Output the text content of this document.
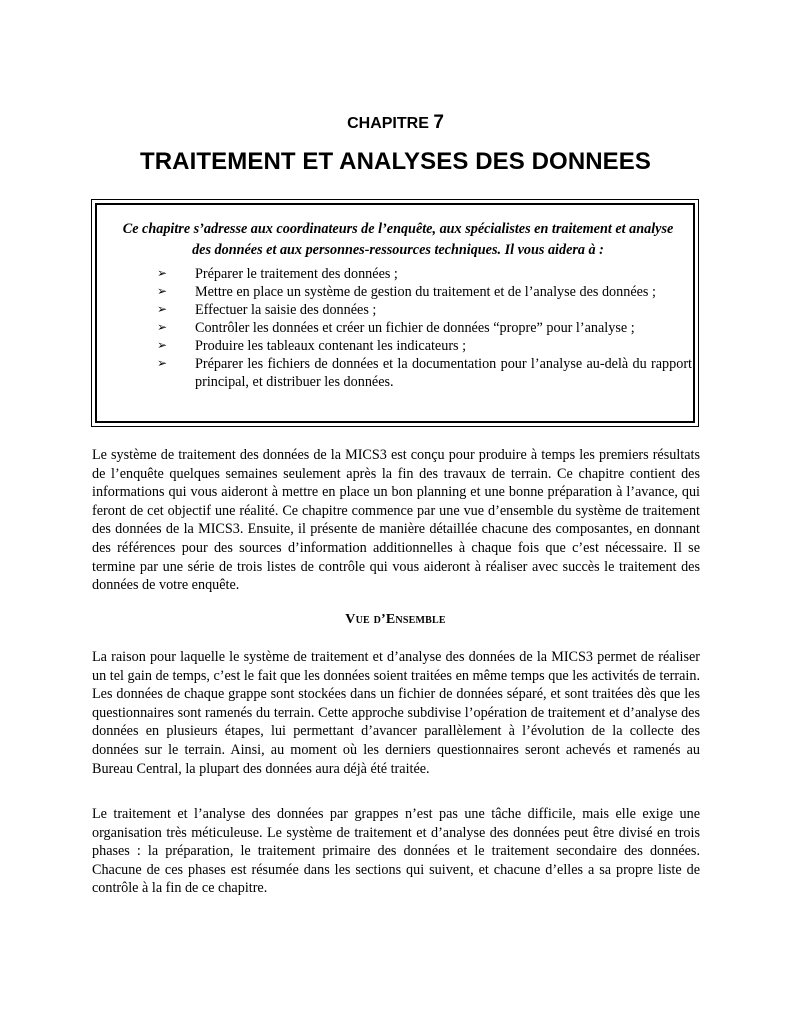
CHAPITRE 7
TRAITEMENT ET ANALYSES DES DONNEES
Ce chapitre s’adresse aux coordinateurs de l’enquête, aux spécialistes en traitement et analyse des données et aux personnes-ressources techniques. Il vous aidera à :
➢ Préparer le traitement des données ;
➢ Mettre en place un système de gestion du traitement et de l’analyse des données ;
➢ Effectuer la saisie des données ;
➢ Contrôler les données et créer un fichier de données “propre” pour l’analyse ;
➢ Produire les tableaux contenant les indicateurs ;
➢ Préparer les fichiers de données et la documentation pour l’analyse au-delà du rapport principal, et distribuer les données.

Le système de traitement des données de la MICS3 est conçu pour produire à temps les premiers résultats de l’enquête quelques semaines seulement après la fin des travaux de terrain. Ce chapitre contient des informations qui vous aideront à mettre en place un bon planning et une bonne préparation à l’avance, qui feront de cet objectif une réalité. Ce chapitre commence par une vue d’ensemble du système de traitement des données de la MICS3. Ensuite, il présente de manière détaillée chacune des composantes, en donnant des références pour des sources d’information additionnelles à chaque fois que c’est nécessaire. Il se termine par une série de trois listes de contrôle qui vous aideront à réaliser avec succès le traitement des données de votre enquête.

Vue d’Ensemble

La raison pour laquelle le système de traitement et d’analyse des données de la MICS3 permet de réaliser un tel gain de temps, c’est le fait que les données soient traitées en même temps que les activités de terrain. Les données de chaque grappe sont stockées dans un fichier de données séparé, et sont traitées dès que les questionnaires sont ramenés du terrain. Cette approche subdivise l’opération de traitement et d’analyse des données en plusieurs étapes, lui permettant d’avancer parallèlement à l’évolution de la collecte des données sur le terrain. Ainsi, au moment où les derniers questionnaires seront achevés et ramenés au Bureau Central, la plupart des données aura déjà été traitée.

Le traitement et l’analyse des données par grappes n’est pas une tâche difficile, mais elle exige une organisation très méticuleuse. Le système de traitement et d’analyse des données peut être divisé en trois phases : la préparation, le traitement primaire des données et le traitement secondaire des données. Chacune de ces phases est résumée dans les sections qui suivent, et chacune d’elles a sa propre liste de contrôle à la fin de ce chapitre.
